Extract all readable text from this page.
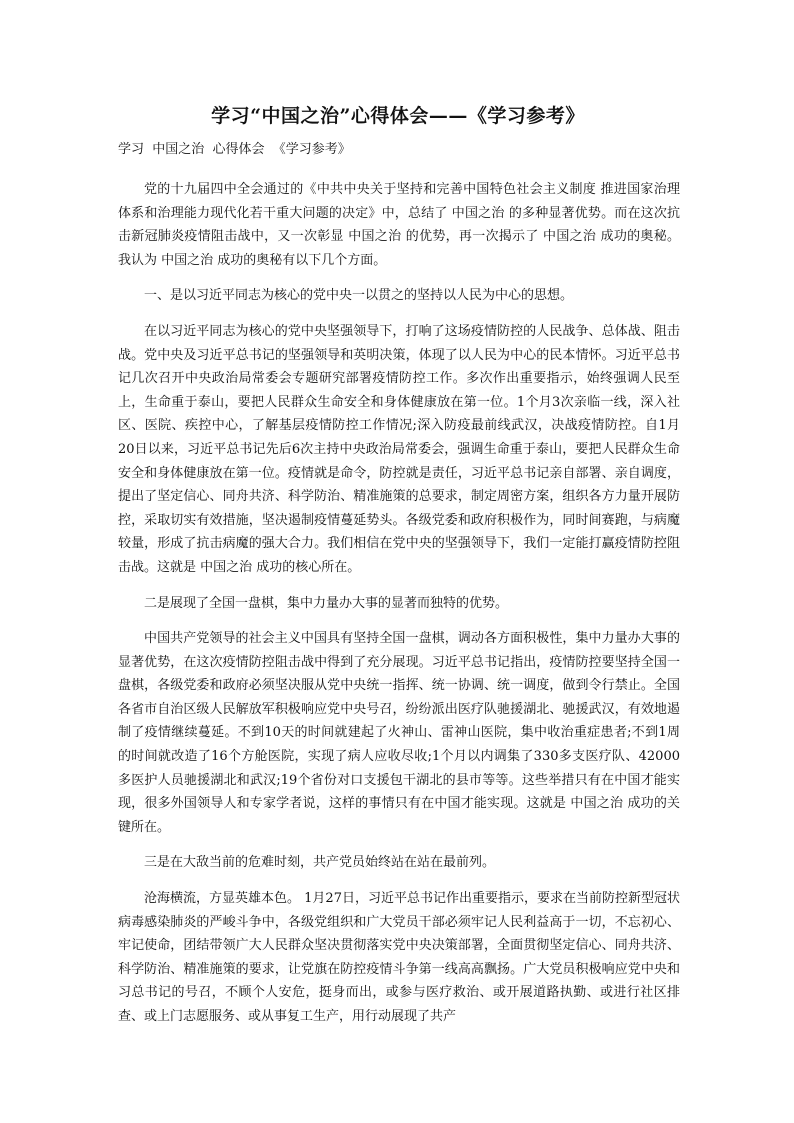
学习“中国之治”心得体会——《学习参考》
学习  中国之治  心得体会  《学习参考》

党的十九届四中全会通过的《中共中央关于坚持和完善中国特色社会主义制度 推进国家治理体系和治理能力现代化若干重大问题的决定》中，总结了 中国之治 的多种显著优势。而在这次抗击新冠肺炎疫情阻击战中，又一次彰显 中国之治 的优势，再一次揭示了 中国之治 成功的奥秘。我认为 中国之治 成功的奥秘有以下几个方面。

一、是以习近平同志为核心的党中央一以贯之的坚持以人民为中心的思想。

在以习近平同志为核心的党中央坚强领导下，打响了这场疫情防控的人民战争、总体战、阻击战。党中央及习近平总书记的坚强领导和英明决策，体现了以人民为中心的民本情怀。习近平总书记几次召开中央政治局常委会专题研究部署疫情防控工作。多次作出重要指示，始终强调人民至上，生命重于泰山，要把人民群众生命安全和身体健康放在第一位。1个月3次亲临一线，深入社区、医院、疾控中心，了解基层疫情防控工作情况;深入防疫最前线武汉，决战疫情防控。自1月20日以来，习近平总书记先后6次主持中央政治局常委会，强调生命重于泰山，要把人民群众生命安全和身体健康放在第一位。疫情就是命令，防控就是责任，习近平总书记亲自部署、亲自调度，提出了坚定信心、同舟共济、科学防治、精准施策的总要求，制定周密方案，组织各方力量开展防控，采取切实有效措施，坚决遏制疫情蔓延势头。各级党委和政府积极作为，同时间赛跑，与病魔较量，形成了抗击病魔的强大合力。我们相信在党中央的坚强领导下，我们一定能打赢疫情防控阻击战。这就是 中国之治 成功的核心所在。

二是展现了全国一盘棋，集中力量办大事的显著而独特的优势。

中国共产党领导的社会主义中国具有坚持全国一盘棋，调动各方面积极性，集中力量办大事的显著优势，在这次疫情防控阻击战中得到了充分展现。习近平总书记指出，疫情防控要坚持全国一盘棋，各级党委和政府必须坚决服从党中央统一指挥、统一协调、统一调度，做到令行禁止。全国各省市自治区级人民解放军积极响应党中央号召，纷纷派出医疗队驰援湖北、驰援武汉，有效地遏制了疫情继续蔓延。不到10天的时间就建起了火神山、雷神山医院，集中收治重症患者;不到1周的时间就改造了16个方舱医院，实现了病人应收尽收;1个月以内调集了330多支医疗队、42000多医护人员驰援湖北和武汉;19个省份对口支援包干湖北的县市等等。这些举措只有在中国才能实现，很多外国领导人和专家学者说，这样的事情只有在中国才能实现。这就是 中国之治 成功的关键所在。

三是在大敌当前的危难时刻，共产党员始终站在站在最前列。

沧海横流，方显英雄本色。 1月27日，习近平总书记作出重要指示，要求在当前防控新型冠状病毒感染肺炎的严峻斗争中，各级党组织和广大党员干部必须牢记人民利益高于一切，不忘初心、牢记使命，团结带领广大人民群众坚决贯彻落实党中央决策部署，全面贯彻坚定信心、同舟共济、科学防治、精准施策的要求，让党旗在防控疫情斗争第一线高高飘扬。广大党员积极响应党中央和习总书记的号召，不顾个人安危，挺身而出，或参与医疗救治、或开展道路执勤、或进行社区排查、或上门志愿服务、或从事复工生产，用行动展现了共产
